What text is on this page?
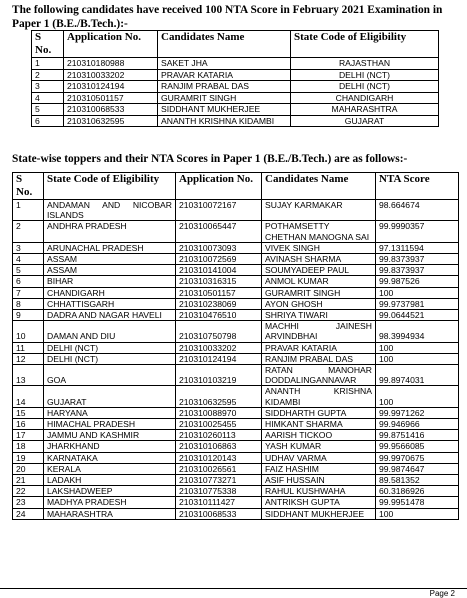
The following candidates have received 100 NTA Score in February 2021 Examination in Paper 1 (B.E./B.Tech.):-

S No.	Application No.	Candidates Name	State Code of Eligibility
1	210310180988	SAKET JHA	RAJASTHAN
2	210310033202	PRAVAR KATARIA	DELHI (NCT)
3	210310124194	RANJIM PRABAL DAS	DELHI (NCT)
4	210310501157	GURAMRIT SINGH	CHANDIGARH
5	210310068533	SIDDHANT MUKHERJEE	MAHARASHTRA
6	210310632595	ANANTH KRISHNA KIDAMBI	GUJARAT

State-wise toppers and their NTA Scores in Paper 1 (B.E./B.Tech.) are as follows:-

S No.	State Code of Eligibility	Application No.	Candidates Name	NTA Score
1	ANDAMAN AND NICOBAR ISLANDS	210310072167	SUJAY KARMAKAR	98.664674
2	ANDHRA PRADESH	210310065447	POTHAMSETTY CHETHAN MANOGNA SAI	99.9990357
3	ARUNACHAL PRADESH	210310073093	VIVEK SINGH	97.1311594
4	ASSAM	210310072569	AVINASH SHARMA	99.8373937
5	ASSAM	210310141004	SOUMYADEEP PAUL	99.8373937
6	BIHAR	210310316315	ANMOL KUMAR	99.987526
7	CHANDIGARH	210310501157	GURAMRIT SINGH	100
8	CHHATTISGARH	210310238069	AYON GHOSH	99.9737981
9	DADRA AND NAGAR HAVELI	210310476510	SHRIYA TIWARI	99.0644521
10	DAMAN AND DIU	210310750798	MACHHI JAINESH ARVINDBHAI	98.3994934
11	DELHI (NCT)	210310033202	PRAVAR KATARIA	100
12	DELHI (NCT)	210310124194	RANJIM PRABAL DAS	100
13	GOA	210310103219	RATAN MANOHAR DODDALINGANNAVAR	99.8974031
14	GUJARAT	210310632595	ANANTH KRISHNA KIDAMBI	100
15	HARYANA	210310088970	SIDDHARTH GUPTA	99.9971262
16	HIMACHAL PRADESH	210310025455	HIMKANT SHARMA	99.946966
17	JAMMU AND KASHMIR	210310260113	AARISH TICKOO	99.8751416
18	JHARKHAND	210310106863	YASH KUMAR	99.9566085
19	KARNATAKA	210310120143	UDHAV VARMA	99.9970675
20	KERALA	210310026561	FAIZ HASHIM	99.9874647
21	LADAKH	210310773271	ASIF HUSSAIN	89.581352
22	LAKSHADWEEP	210310775338	RAHUL KUSHWAHA	60.3186926
23	MADHYA PRADESH	210310111427	ANTRIKSH GUPTA	99.9951478
24	MAHARASHTRA	210310068533	SIDDHANT MUKHERJEE	100
Page 2
